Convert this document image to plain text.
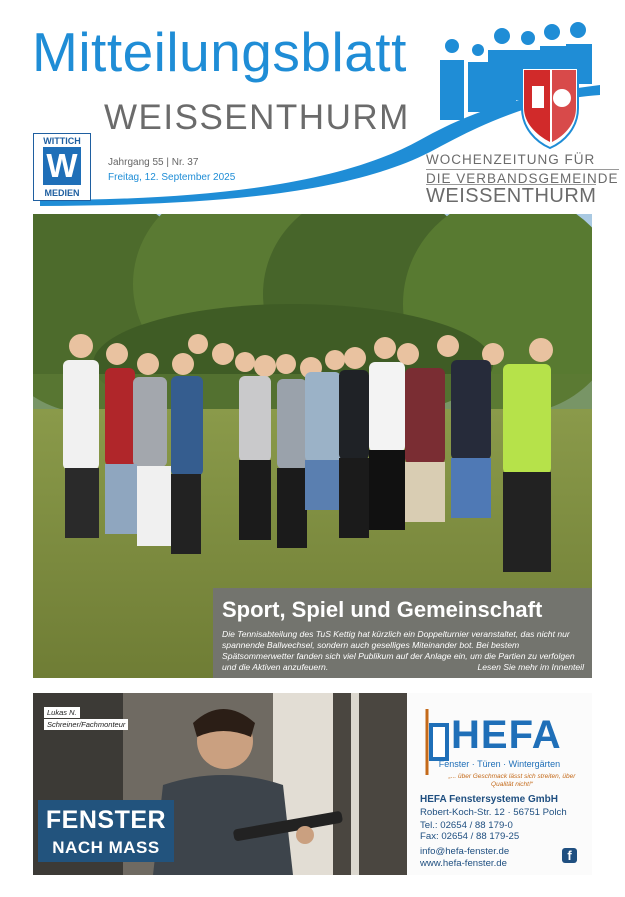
Mitteilungsblatt
WEISSENTHURM
WITTICH
W
MEDIEN
Jahrgang 55 | Nr. 37
Freitag, 12. September 2025
WOCHENZEITUNG FÜR
DIE VERBANDSGEMEINDE
WEISSENTHURM
Sport, Spiel und Gemeinschaft
Die Tennisabteilung des TuS Kettig hat kürzlich ein Doppelturnier veranstaltet, das nicht nur spannende Ballwechsel, sondern auch geselliges Miteinander bot. Bei bestem Spätsommerwetter fanden sich viel Publikum auf der Anlage ein, um die Partien zu verfolgen und die Aktiven anzufeuern.	Lesen Sie mehr im Innenteil
Lukas N.
Schreiner/Fachmonteur
FENSTER
NACH MASS
HEFA
Fenster · Türen · Wintergärten
„... über Geschmack lässt sich streiten, über Qualität nicht!“
HEFA Fenstersysteme GmbH
Robert-Koch-Str. 12 · 56751 Polch
Tel.: 02654 / 88 179-0
Fax: 02654 / 88 179-25
info@hefa-fenster.de
www.hefa-fenster.de
f
